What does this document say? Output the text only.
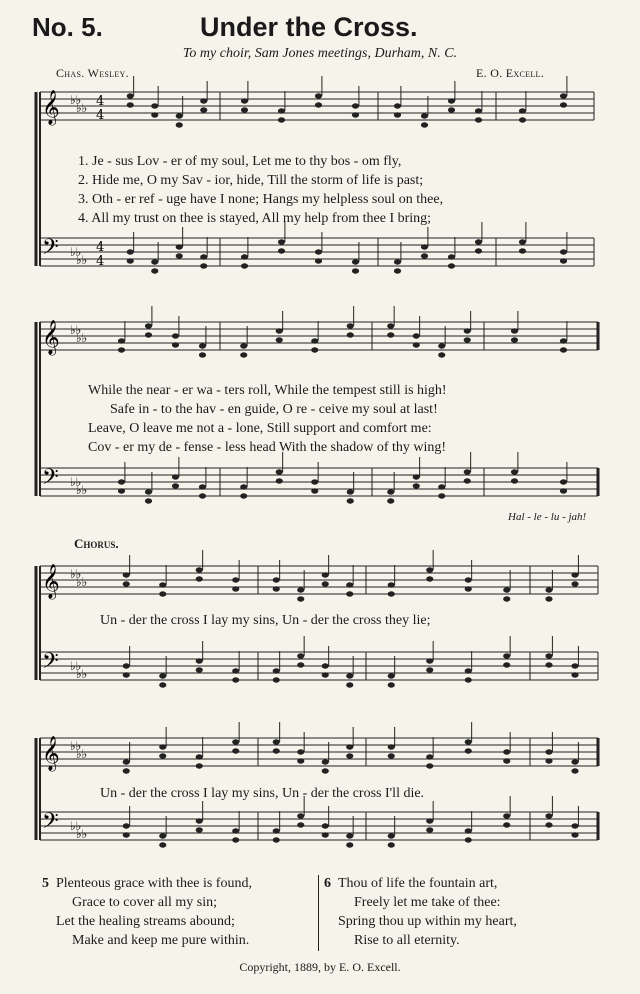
No. 5.	Under the Cross.
To my choir, Sam Jones meetings, Durham, N. C.
Chas. Wesley.	E. O. Excell.
𝄞
𝄢
♭♭
♭♭
♭♭
♭♭
4
4
4
4
𝄞
𝄢
♭♭
♭♭
♭♭
♭♭
𝄞
𝄢
♭♭
♭♭
♭♭
♭♭
𝄞
𝄢
♭♭
♭♭
♭♭
♭♭
1. Je - sus Lov - er of my soul, Let me to thy bos - om fly,
2. Hide me, O my Sav - ior, hide, Till the storm of life is past;
3. Oth - er ref - uge have I none; Hangs my helpless soul on thee,
4. All my trust on thee is stayed, All my help from thee I bring;
While the near - er wa - ters roll, While the tempest still is high!
Safe in - to the hav - en guide, O re - ceive my soul at last!
Leave, O leave me not a - lone, Still support and comfort me:
Cov - er my de - fense - less head With the shadow of thy wing!
Hal - le - lu - jah!
Chorus.
Un - der the cross I lay my sins, Un - der the cross they lie;
Un - der the cross I lay my sins, Un - der the cross I'll die.
5 Plenteous grace with thee is found,
Grace to cover all my sin;
Let the healing streams abound;
Make and keep me pure within.
6 Thou of life the fountain art,
Freely let me take of thee:
Spring thou up within my heart,
Rise to all eternity.
Copyright, 1889, by E. O. Excell.
